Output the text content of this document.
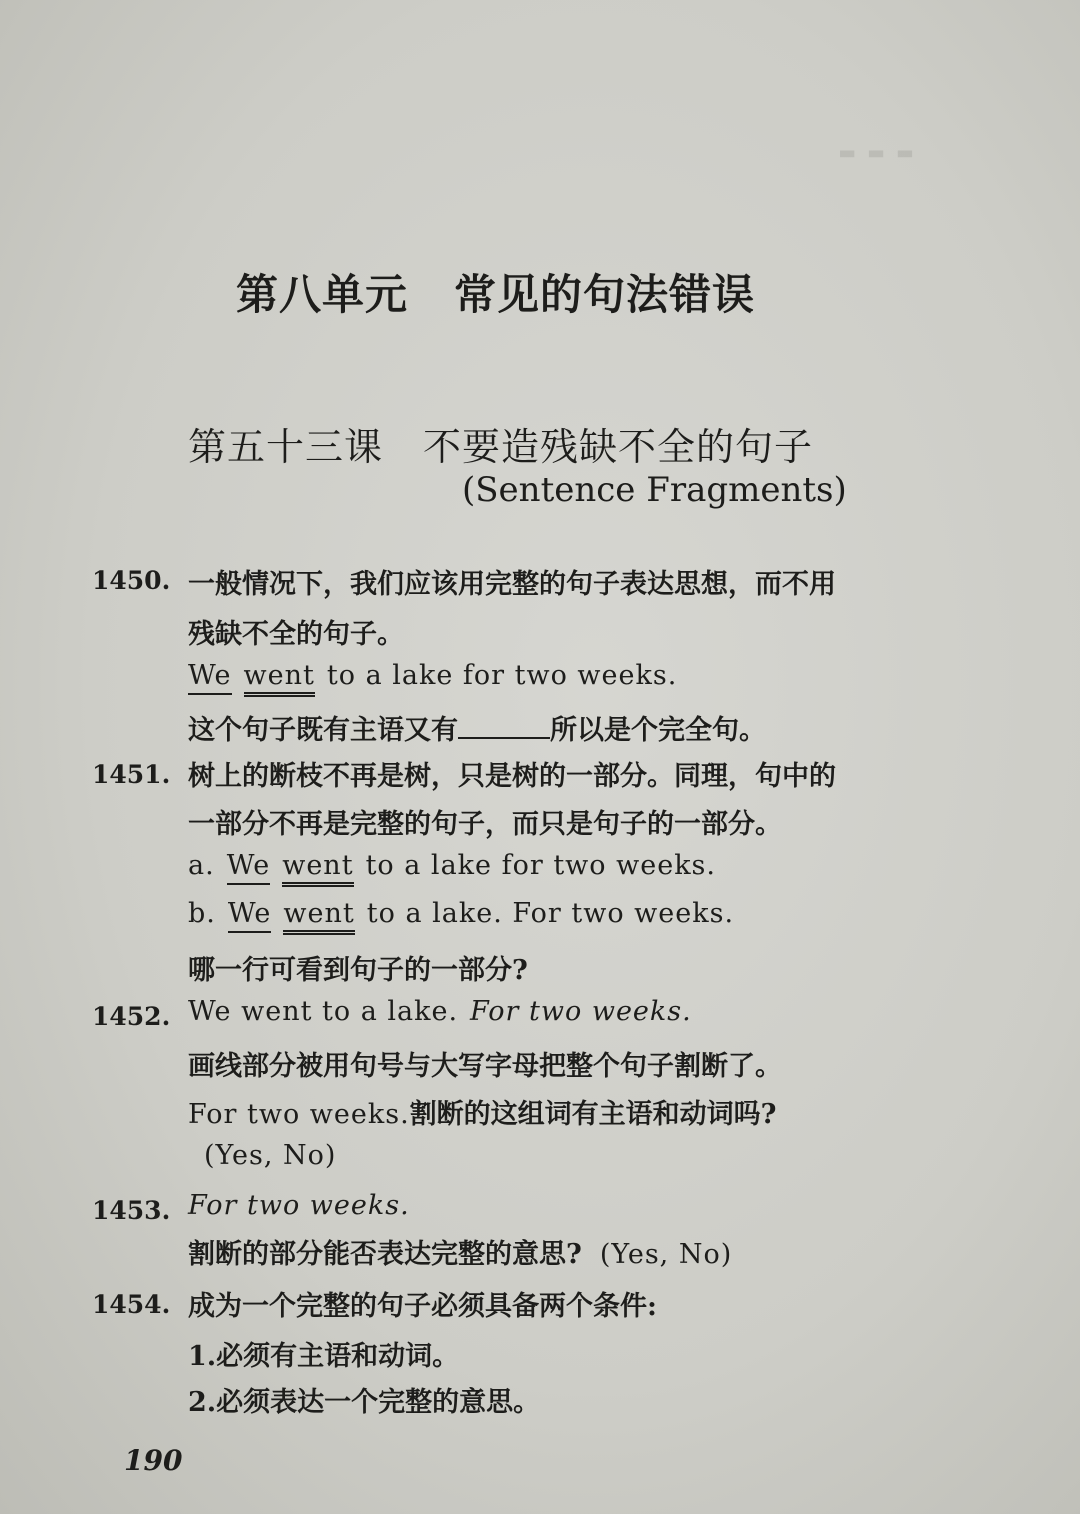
▬ ▬ ▬
第八单元 常见的句法错误
第五十三课 不要造残缺不全的句子
(Sentence Fragments)
1450. 一般情况下，我们应该用完整的句子表达思想，而不用
残缺不全的句子。
We went to a lake for two weeks.
这个句子既有主语又有	所以是个完全句。
1451. 树上的断枝不再是树，只是树的一部分。同理，句中的
一部分不再是完整的句子，而只是句子的一部分。
a. We went to a lake for two weeks.
b. We went to a lake. For two weeks.
哪一行可看到句子的一部分?
1452. We went to a lake. For two weeks.
画线部分被用句号与大写字母把整个句子割断了。
For two weeks.割断的这组词有主语和动词吗?
(Yes, No)
1453. For two weeks.
割断的部分能否表达完整的意思? (Yes, No)
1454. 成为一个完整的句子必须具备两个条件:
1.必须有主语和动词。
2.必须表达一个完整的意思。
190
